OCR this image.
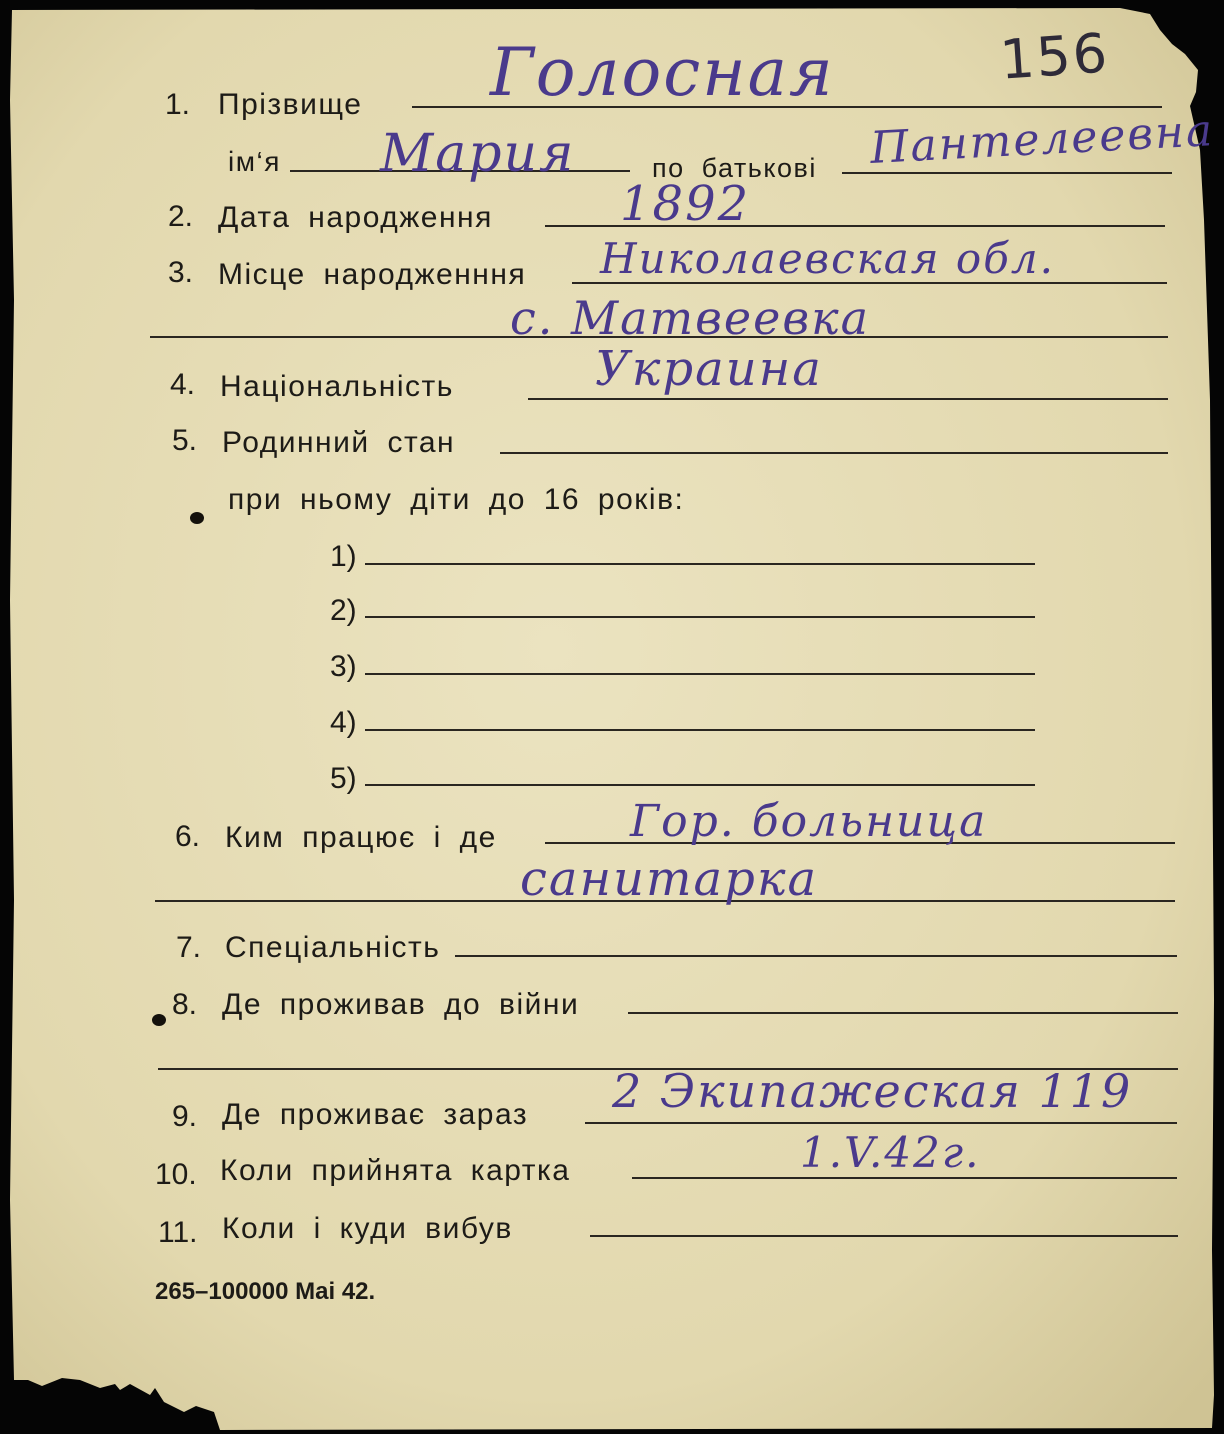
156
1. Прізвище Голосная
ім‘я Мария	по батькові Пантелеевна
2. Дата народження	1892
3. Місце народженння Николаевская обл.
с. Матвеевка
4. Національність	Украина
5. Родинний стан
при ньому діти до 16 років:
1)
2)
3)
4)
5)
6. Ким працює і де	Гор. больница
санитарка
7. Спеціальність
8. Де проживав до війни
9. Де проживає зараз 2 Экипажеская 119
10. Коли прийнята картка	1.V.42г.
11. Коли і куди вибув
265–100000 Mai 42.
